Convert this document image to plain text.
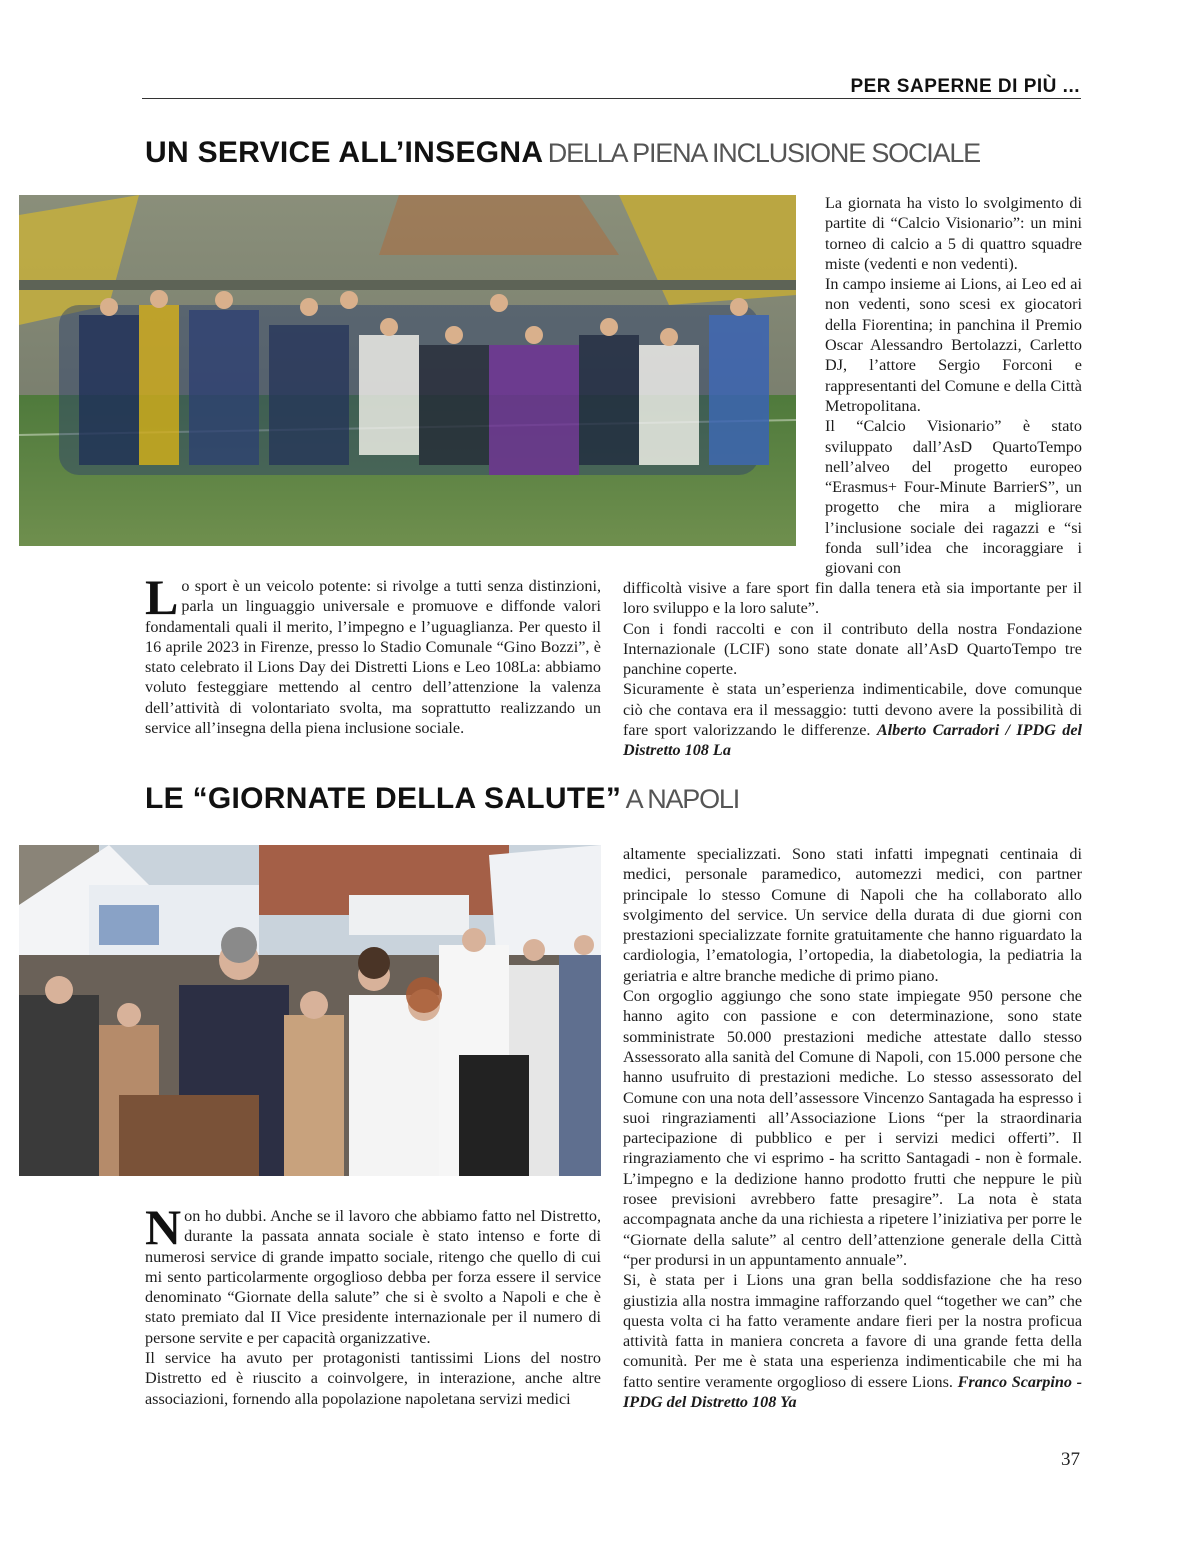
PER SAPERNE DI PIÙ ...
UN SERVICE ALL’INSEGNA DELLA PIENA INCLUSIONE SOCIALE

La giornata ha visto lo svolgimento di partite di “Calcio Visionario”: un mini torneo di calcio a 5 di quattro squadre miste (vedenti e non vedenti).

In campo insieme ai Lions, ai Leo ed ai non vedenti, sono scesi ex giocatori della Fiorentina; in panchina il Premio Oscar Alessandro Bertolazzi, Carletto DJ, l’attore Sergio Forconi e rappresentanti del Comune e della Città Metropolitana.

Il “Calcio Visionario” è stato sviluppato dall’AsD QuartoTempo nell’alveo del progetto europeo “Erasmus+ Four-Minute BarrierS”, un progetto che mira a migliorare l’inclusione sociale dei ragazzi e “si fonda sull’idea che incoraggiare i giovani con

difficoltà visive a fare sport fin dalla tenera età sia importante per il loro sviluppo e la loro salute”.

Con i fondi raccolti e con il contributo della nostra Fondazione Internazionale (LCIF) sono state donate all’AsD QuartoTempo tre panchine coperte.

Sicuramente è stata un’esperienza indimenticabile, dove comunque ciò che contava era il messaggio: tutti devono avere la possibilità di fare sport valorizzando le differenze. Alberto Carradori / IPDG del Distretto 108 La

Lo sport è un veicolo potente: si rivolge a tutti senza distinzioni, parla un linguaggio universale e promuove e diffonde valori fondamentali quali il merito, l’impegno e l’uguaglianza. Per questo il 16 aprile 2023 in Firenze, presso lo Stadio Comunale “Gino Bozzi”, è stato celebrato il Lions Day dei Distretti Lions e Leo 108La: abbiamo voluto festeggiare mettendo al centro dell’attenzione la valenza dell’attività di volontariato svolta, ma soprattutto realizzando un service all’insegna della piena inclusione sociale.

LE “GIORNATE DELLA SALUTE” A NAPOLI

altamente specializzati. Sono stati infatti impegnati centinaia di medici, personale paramedico, automezzi medici, con partner principale lo stesso Comune di Napoli che ha collaborato allo svolgimento del service. Un service della durata di due giorni con prestazioni specializzate fornite gratuitamente che hanno riguardato la cardiologia, l’ematologia, l’ortopedia, la diabetologia, la pediatria la geriatria e altre branche mediche di primo piano.

Con orgoglio aggiungo che sono state impiegate 950 persone che hanno agito con passione e con determinazione, sono state somministrate 50.000 prestazioni mediche attestate dallo stesso Assessorato alla sanità del Comune di Napoli, con 15.000 persone che hanno usufruito di prestazioni mediche. Lo stesso assessorato del Comune con una nota dell’assessore Vincenzo Santagada ha espresso i suoi ringraziamenti all’Associazione Lions “per la straordinaria partecipazione di pubblico e per i servizi medici offerti”. Il ringraziamento che vi esprimo - ha scritto Santagadi - non è formale. L’impegno e la dedizione hanno prodotto frutti che neppure le più rosee previsioni avrebbero fatte presagire”. La nota è stata accompagnata anche da una richiesta a ripetere l’iniziativa per porre le “Giornate della salute” al centro dell’attenzione generale della Città “per prodursi in un appuntamento annuale”.

Si, è stata per i Lions una gran bella soddisfazione che ha reso giustizia alla nostra immagine rafforzando quel “together we can” che questa volta ci ha fatto veramente andare fieri per la nostra proficua attività fatta in maniera concreta a favore di una grande fetta della comunità. Per me è stata una esperienza indimenticabile che mi ha fatto sentire veramente orgoglioso di essere Lions. Franco Scarpino - IPDG del Distretto 108 Ya

Non ho dubbi. Anche se il lavoro che abbiamo fatto nel Distretto, durante la passata annata sociale è stato intenso e forte di numerosi service di grande impatto sociale, ritengo che quello di cui mi sento particolarmente orgoglioso debba per forza essere il service denominato “Giornate della salute” che si è svolto a Napoli e che è stato premiato dal II Vice presidente internazionale per il numero di persone servite e per capacità organizzative.

Il service ha avuto per protagonisti tantissimi Lions del nostro Distretto ed è riuscito a coinvolgere, in interazione, anche altre associazioni, fornendo alla popolazione napoletana servizi medici

37
